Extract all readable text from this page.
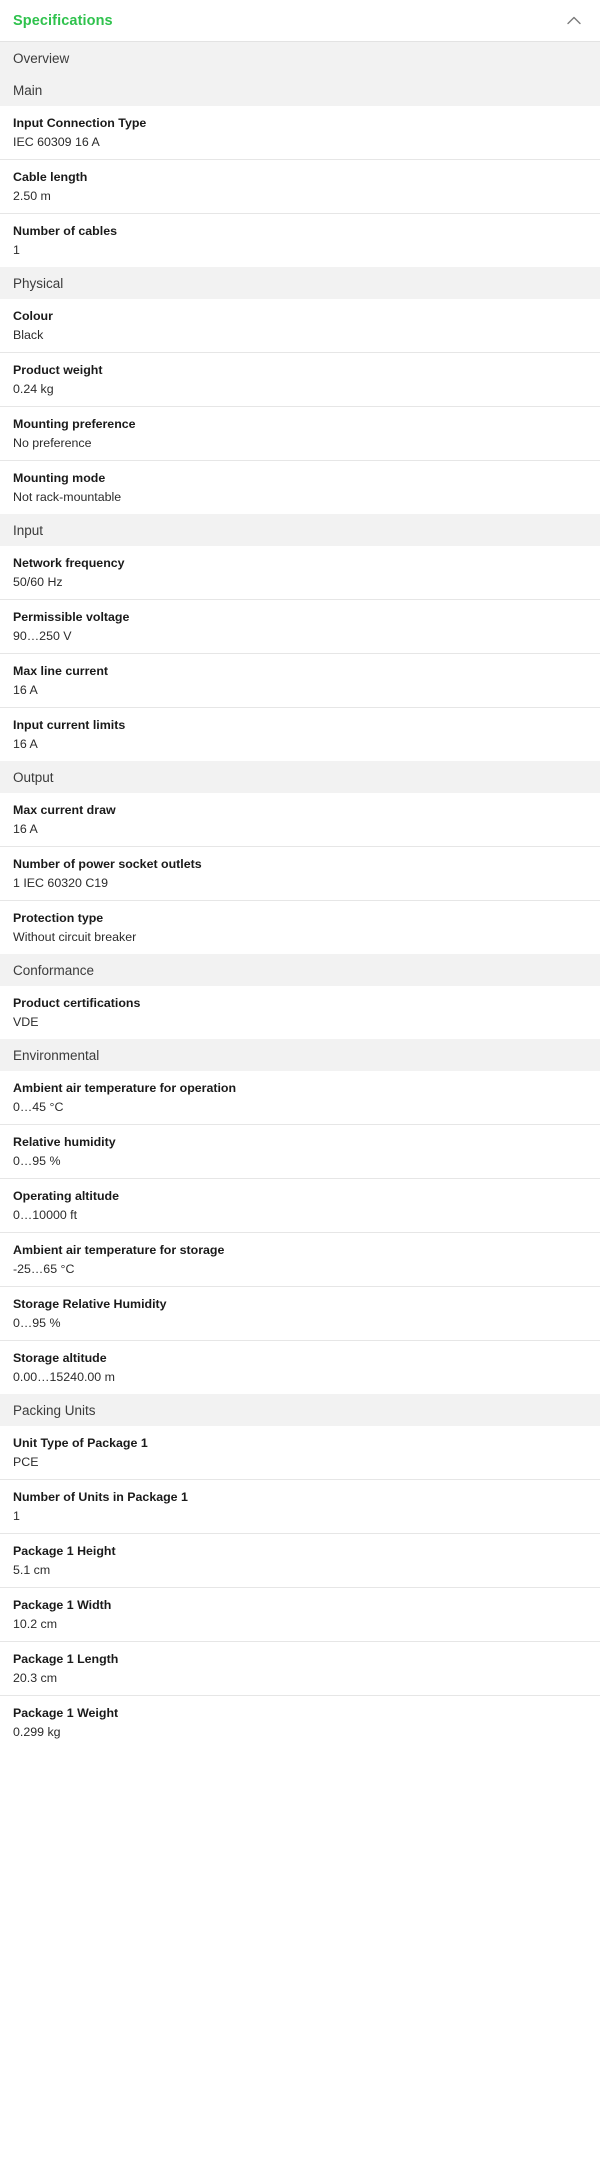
Specifications
Overview
Main
Input Connection Type
IEC 60309 16 A
Cable length
2.50 m
Number of cables
1
Physical
Colour
Black
Product weight
0.24 kg
Mounting preference
No preference
Mounting mode
Not rack-mountable
Input
Network frequency
50/60 Hz
Permissible voltage
90…250 V
Max line current
16 A
Input current limits
16 A
Output
Max current draw
16 A
Number of power socket outlets
1 IEC 60320 C19
Protection type
Without circuit breaker
Conformance
Product certifications
VDE
Environmental
Ambient air temperature for operation
0…45 °C
Relative humidity
0…95 %
Operating altitude
0…10000 ft
Ambient air temperature for storage
-25…65 °C
Storage Relative Humidity
0…95 %
Storage altitude
0.00…15240.00 m
Packing Units
Unit Type of Package 1
PCE
Number of Units in Package 1
1
Package 1 Height
5.1 cm
Package 1 Width
10.2 cm
Package 1 Length
20.3 cm
Package 1 Weight
0.299 kg
